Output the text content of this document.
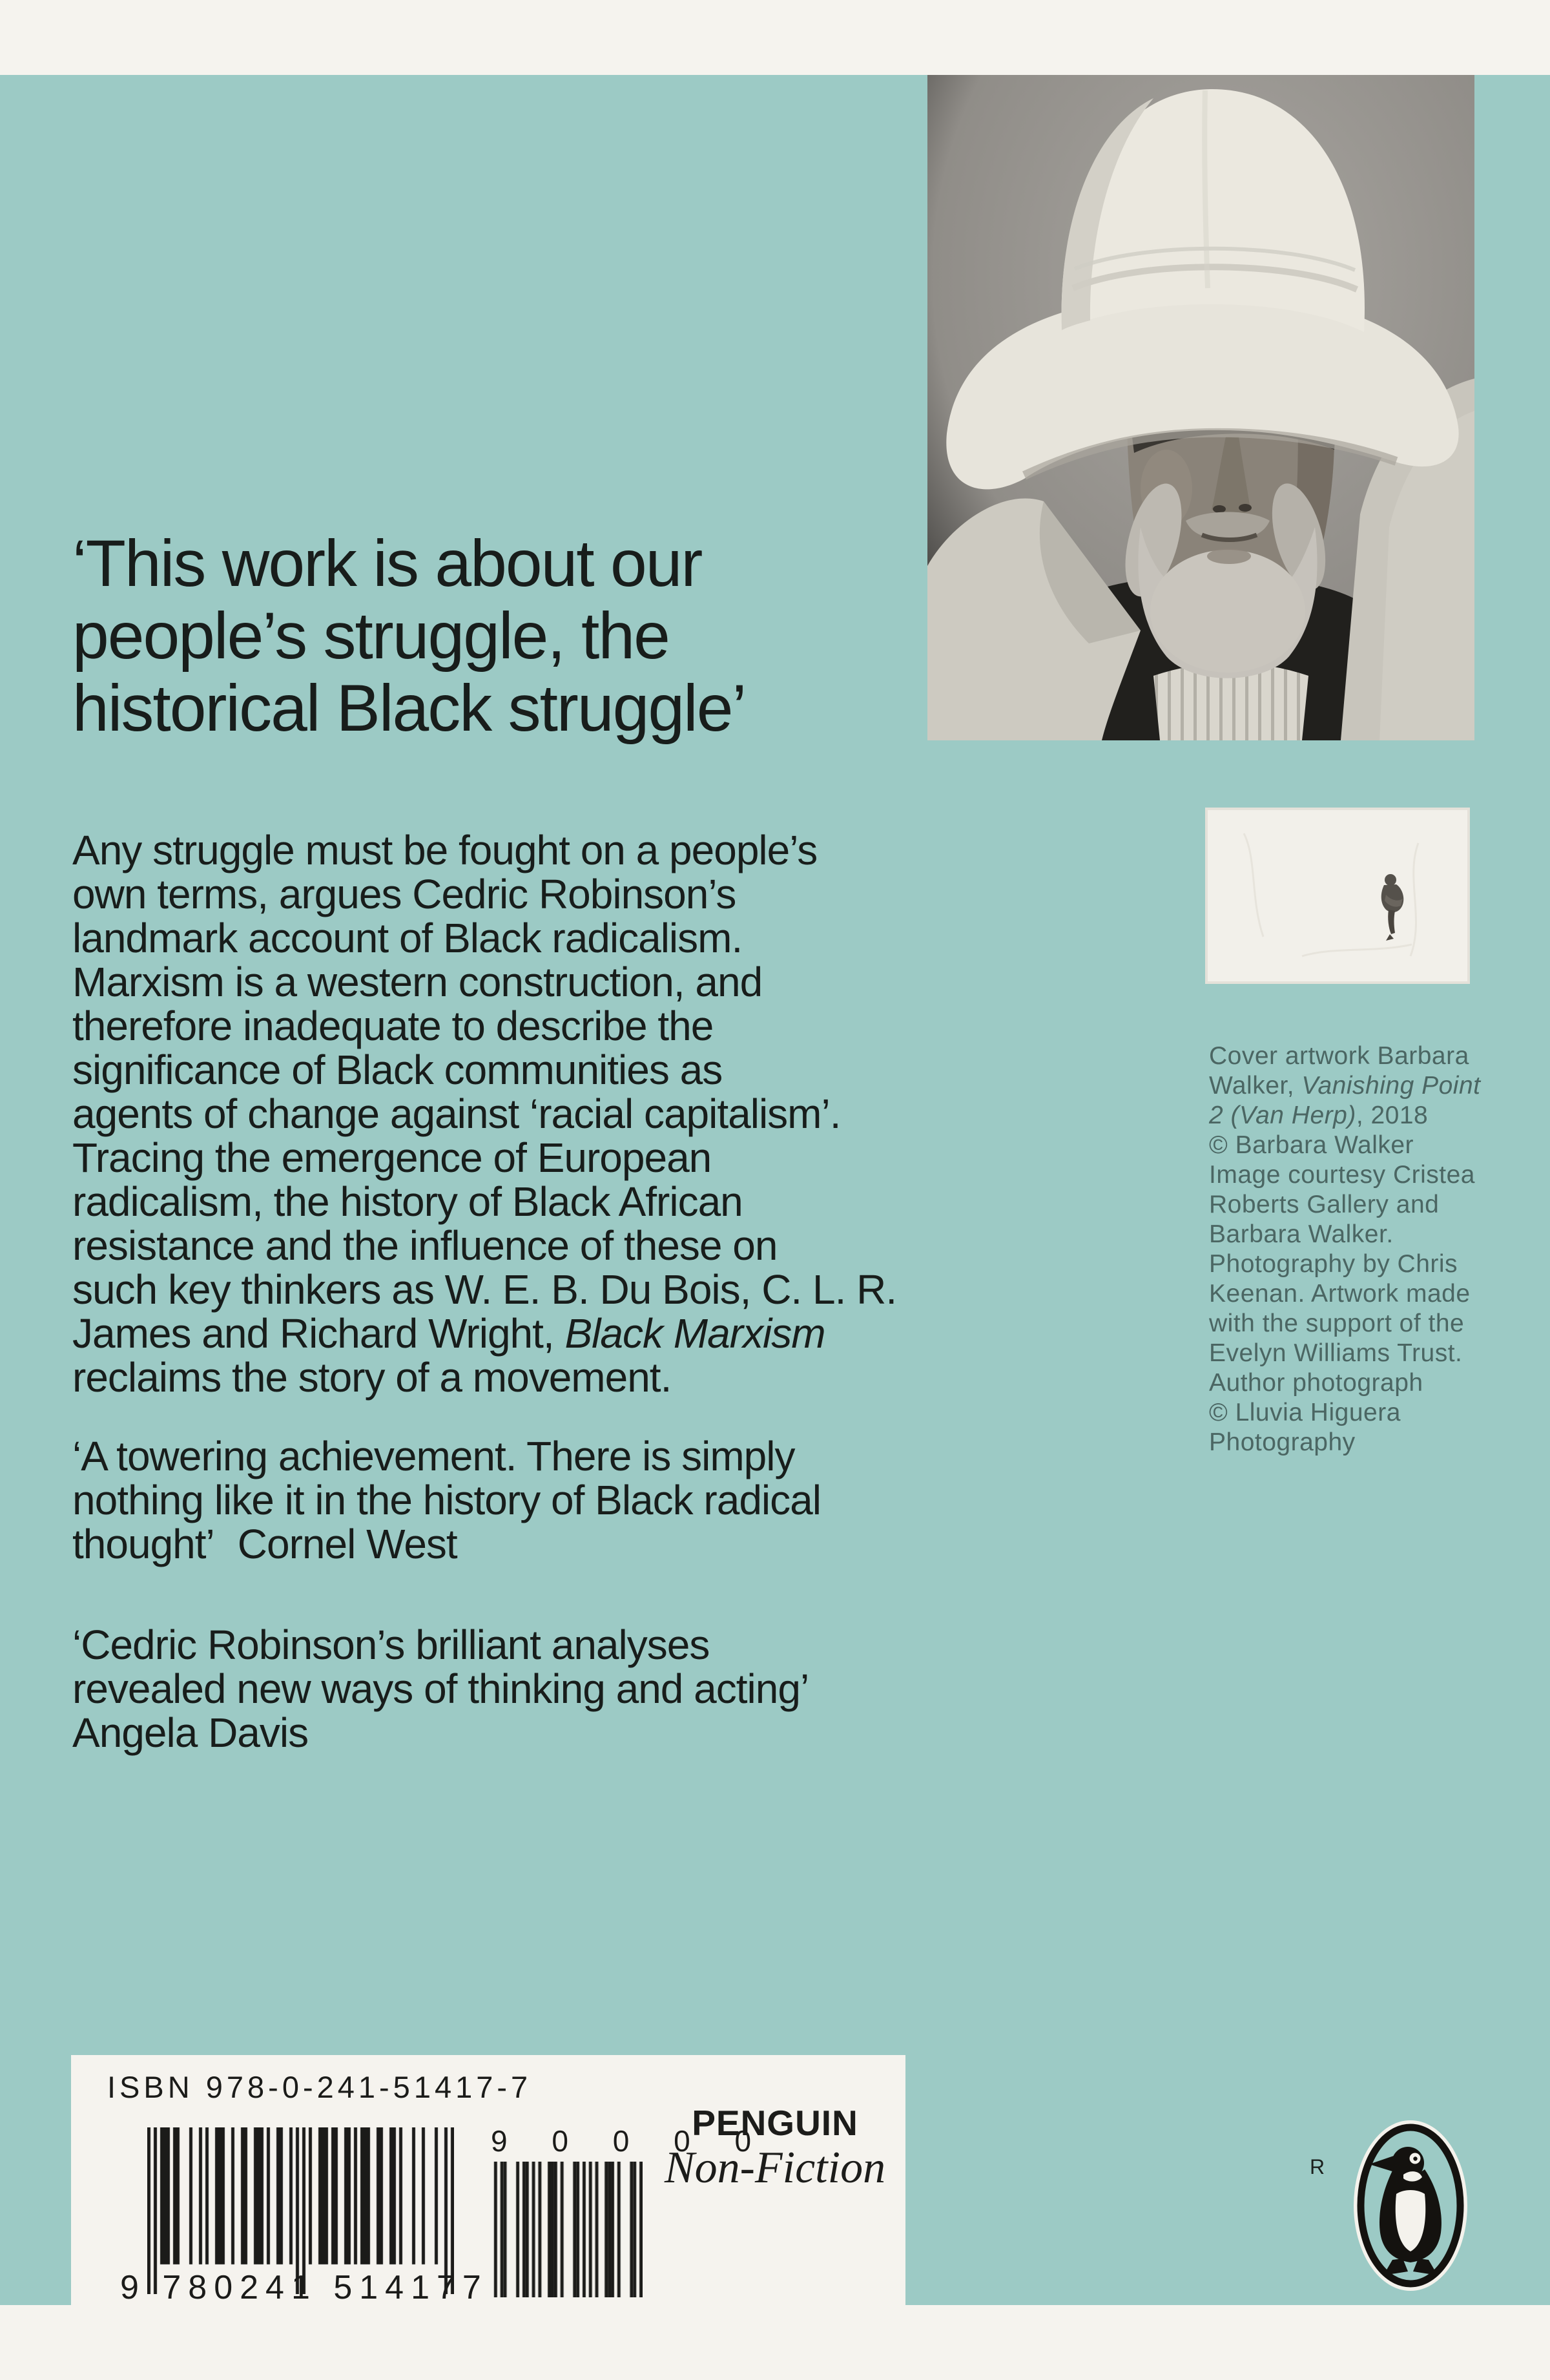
‘This work is about our
people’s struggle, the
historical Black struggle’
Any struggle must be fought on a people’s
own terms, argues Cedric Robinson’s
landmark account of Black radicalism.
Marxism is a western construction, and
therefore inadequate to describe the
significance of Black communities as
agents of change against ‘racial capitalism’.
Tracing the emergence of European
radicalism, the history of Black African
resistance and the influence of these on
such key thinkers as W. E. B. Du Bois, C. L. R.
James and Richard Wright, Black Marxism
reclaims the story of a movement.
‘A towering achievement. There is simply
nothing like it in the history of Black radical
thought’ Cornel West
‘Cedric Robinson’s brilliant analyses
revealed new ways of thinking and acting’
Angela Davis
Cover artwork Barbara
Walker, Vanishing Point
2 (Van Herp), 2018
© Barbara Walker
Image courtesy Cristea
Roberts Gallery and
Barbara Walker.
Photography by Chris
Keenan. Artwork made
with the support of the
Evelyn Williams Trust.
Author photograph
© Lluvia Higuera
Photography
ISBN 978-0-241-51417-7
9 780241 514177
9 0 0 0 0
PENGUIN
Non-Fiction	R
